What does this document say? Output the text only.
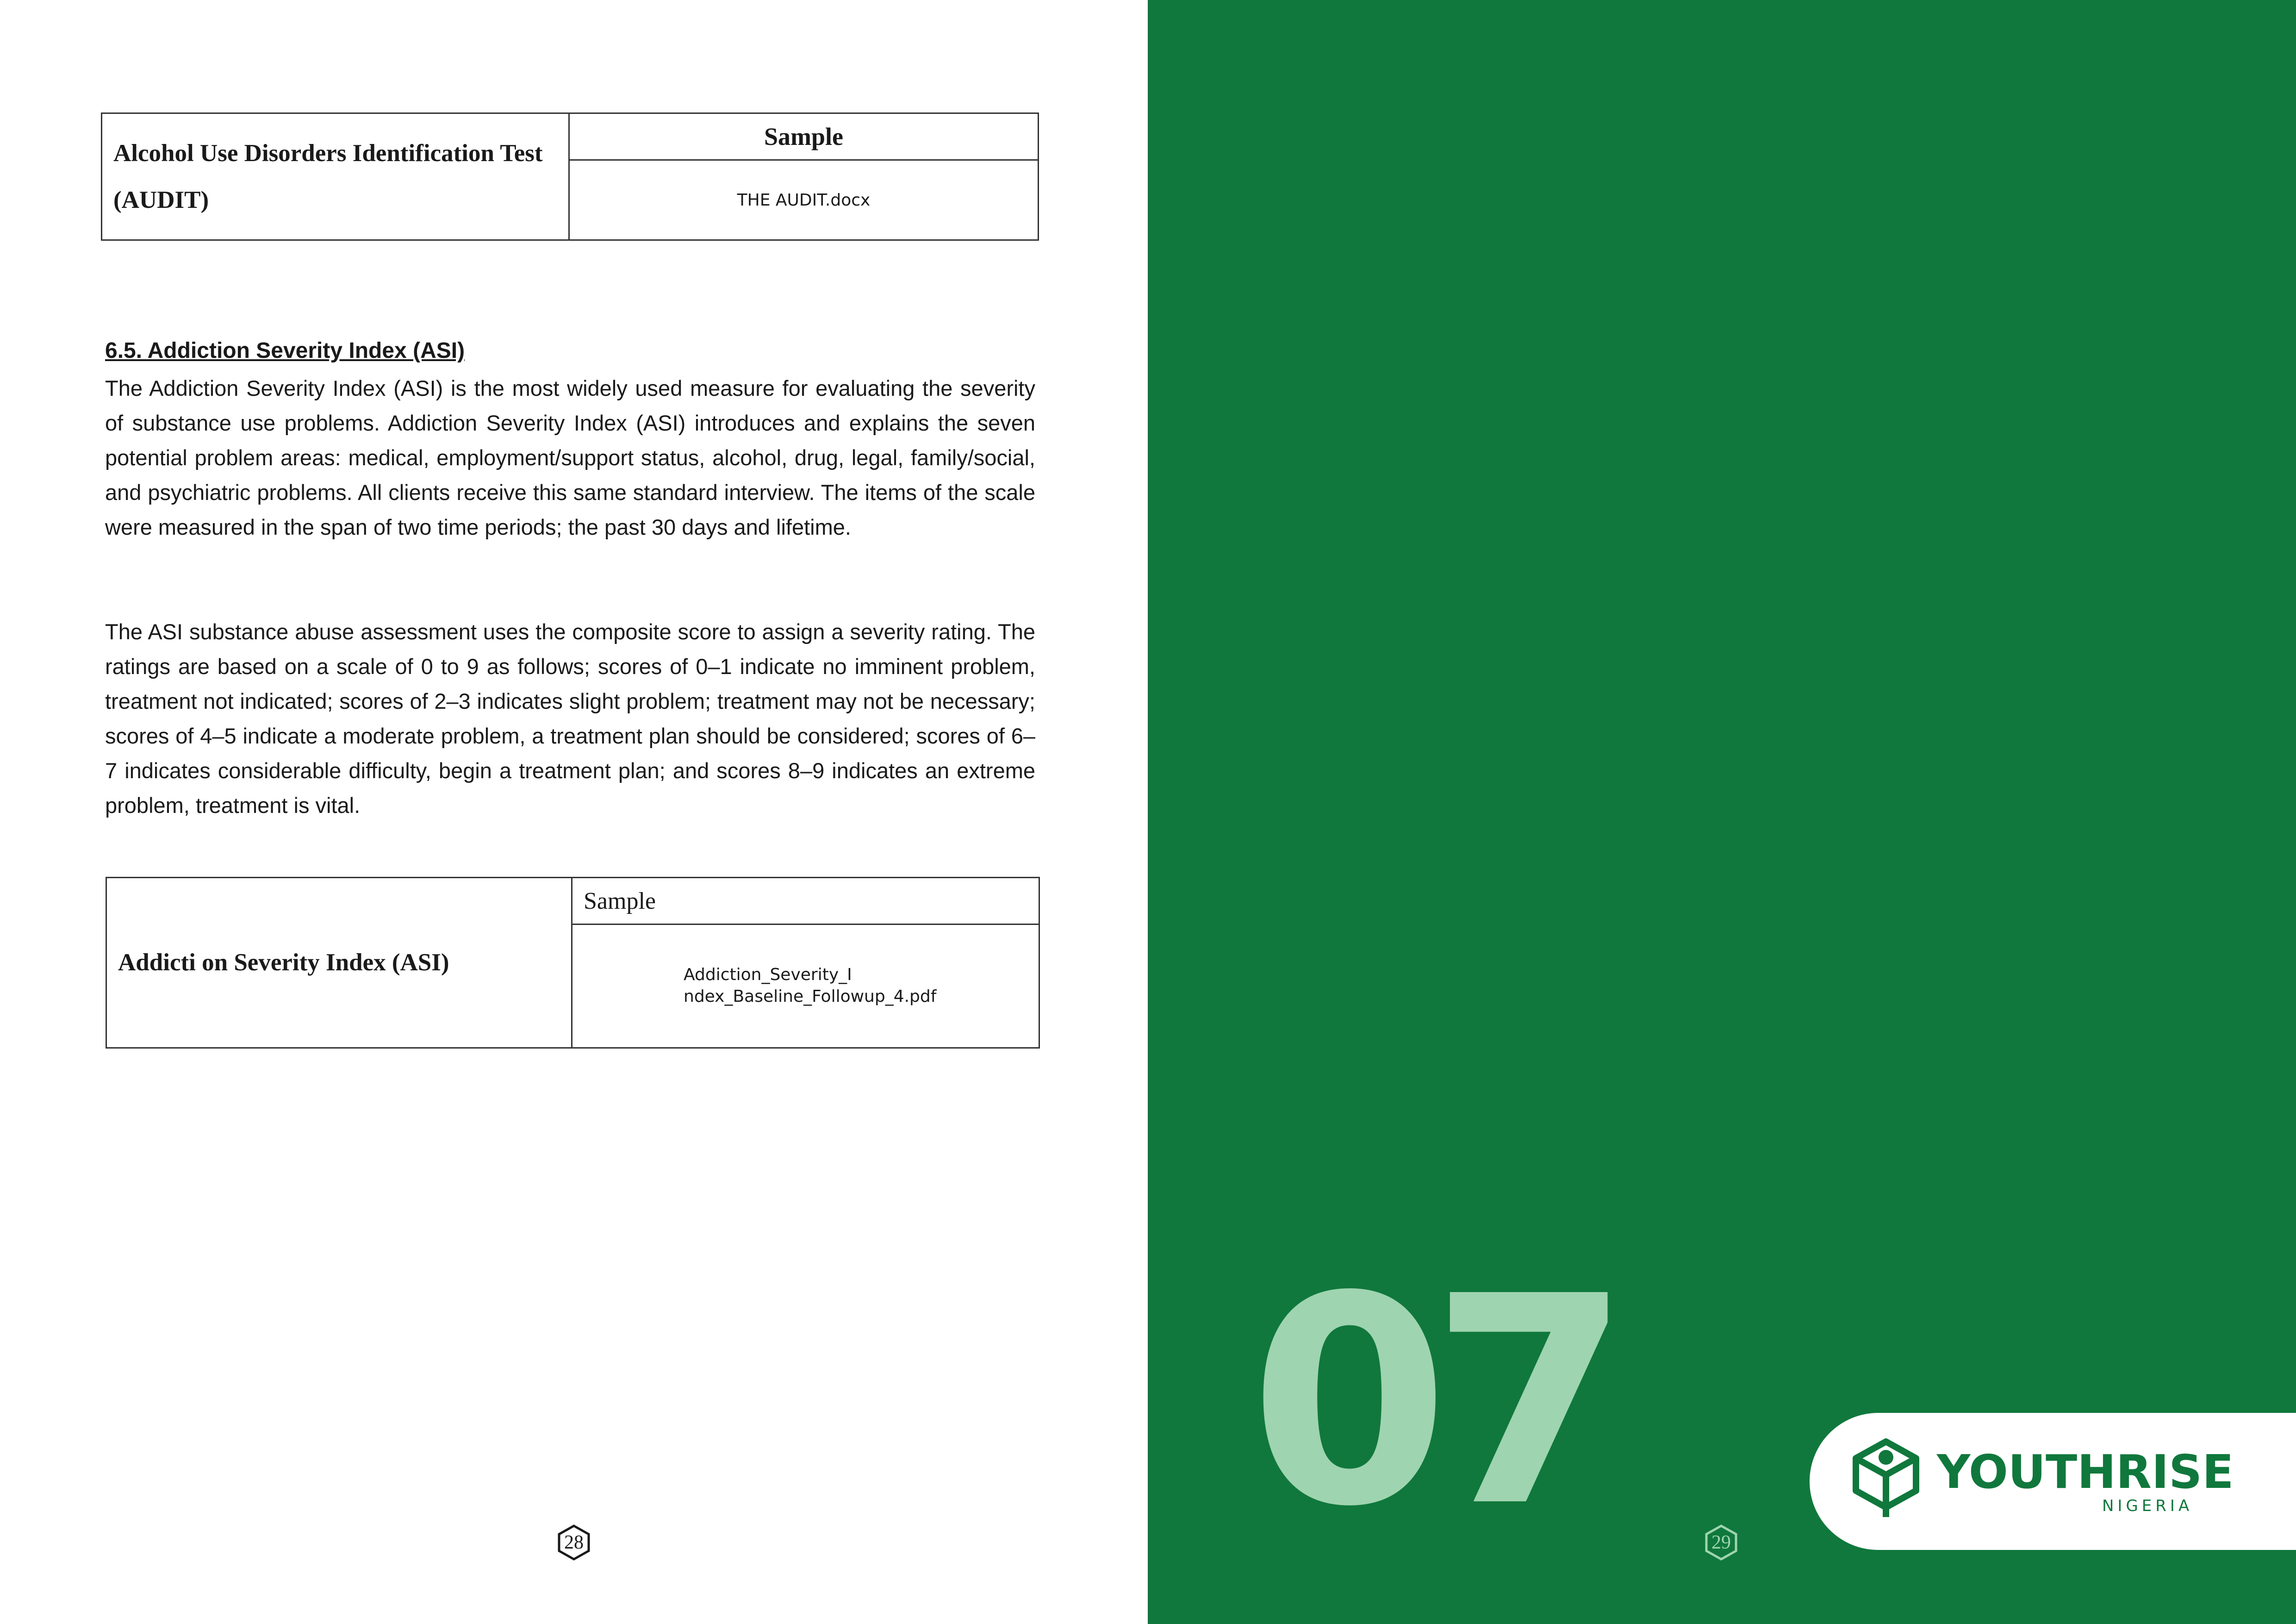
Alcohol Use Disorders Identification Test (AUDIT)	Sample
THE AUDIT.docx
6.5. Addiction Severity Index (ASI)

The Addiction Severity Index (ASI) is the most widely used measure for evaluating the severity of substance use problems. Addiction Severity Index (ASI) introduces and explains the seven potential problem areas: medical, employment/support status, alcohol, drug, legal, family/social, and psychiatric problems. All clients receive this same standard interview. The items of the scale were measured in the span of two time periods; the past 30 days and lifetime.

The ASI substance abuse assessment uses the composite score to assign a severity rating. The ratings are based on a scale of 0 to 9 as follows; scores of 0–1 indicate no imminent problem, treatment not indicated; scores of 2–3 indicates slight problem; treatment may not be necessary; scores of 4–5 indicate a moderate problem, a treatment plan should be considered; scores of 6–7 indicates considerable difficulty, begin a treatment plan; and scores 8–9 indicates an extreme problem, treatment is vital.

Addicti on Severity Index (ASI)	Sample
Addiction_Severity_I
ndex_Baseline_Followup_4.pdf
28 07	29
YOUTHRISE
NIGERIA
